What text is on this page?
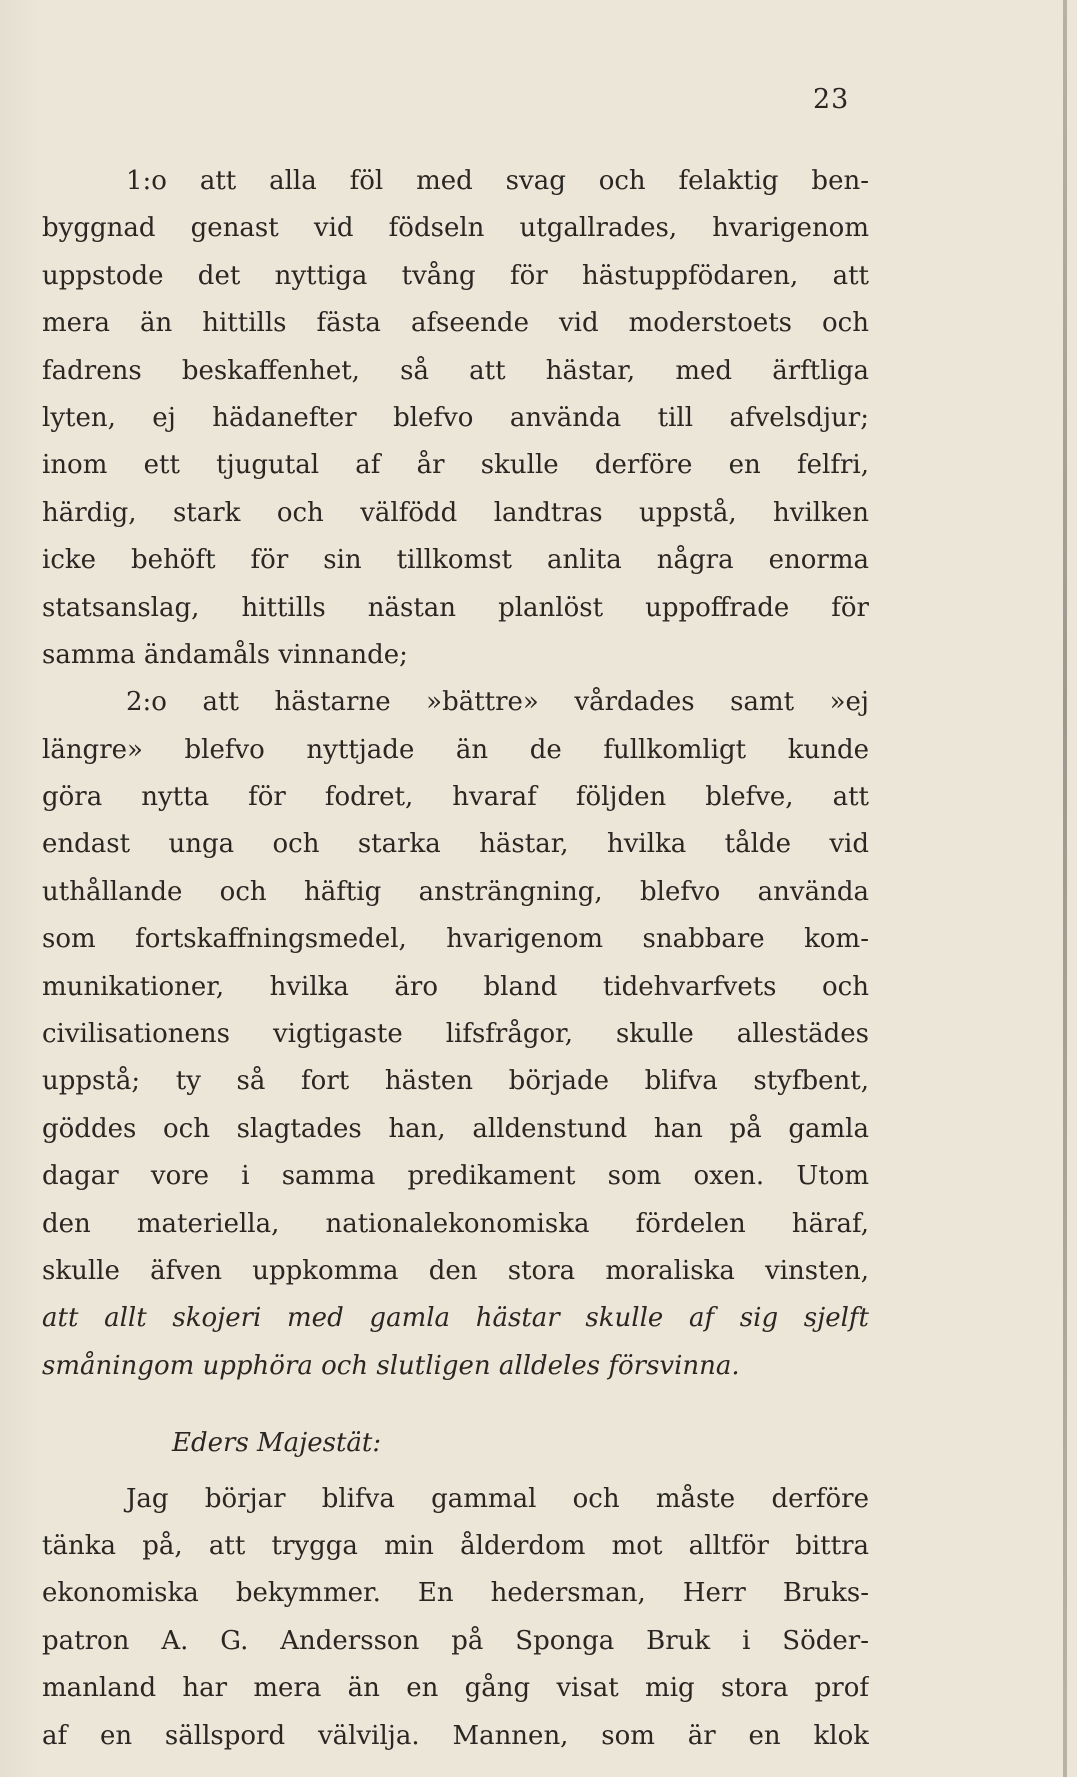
23
1:o att alla föl med svag och felaktig ben-
byggnad genast vid födseln utgallrades, hvarigenom
uppstode det nyttiga tvång för hästuppfödaren, att
mera än hittills fästa afseende vid moderstoets och
fadrens beskaffenhet, så att hästar, med ärftliga
lyten, ej hädanefter blefvo använda till afvelsdjur;
inom ett tjugutal af år skulle derföre en felfri,
härdig, stark och välfödd landtras uppstå, hvilken
icke behöft för sin tillkomst anlita några enorma
statsanslag, hittills nästan planlöst uppoffrade för
samma ändamåls vinnande;
2:o att hästarne »bättre» vårdades samt »ej
längre» blefvo nyttjade än de fullkomligt kunde
göra nytta för fodret, hvaraf följden blefve, att
endast unga och starka hästar, hvilka tålde vid
uthållande och häftig ansträngning, blefvo använda
som fortskaffningsmedel, hvarigenom snabbare kom-
munikationer, hvilka äro bland tidehvarfvets och
civilisationens vigtigaste lifsfrågor, skulle allestädes
uppstå; ty så fort hästen började blifva styfbent,
göddes och slagtades han, alldenstund han på gamla
dagar vore i samma predikament som oxen. Utom
den materiella, nationalekonomiska fördelen häraf,
skulle äfven uppkomma den stora moraliska vinsten,
att allt skojeri med gamla hästar skulle af sig sjelft
småningom upphöra och slutligen alldeles försvinna.
Eders Majestät:
Jag börjar blifva gammal och måste derföre
tänka på, att trygga min ålderdom mot alltför bittra
ekonomiska bekymmer. En hedersman, Herr Bruks-
patron A. G. Andersson på Sponga Bruk i Söder-
manland har mera än en gång visat mig stora prof
af en sällspord välvilja. Mannen, som är en klok
